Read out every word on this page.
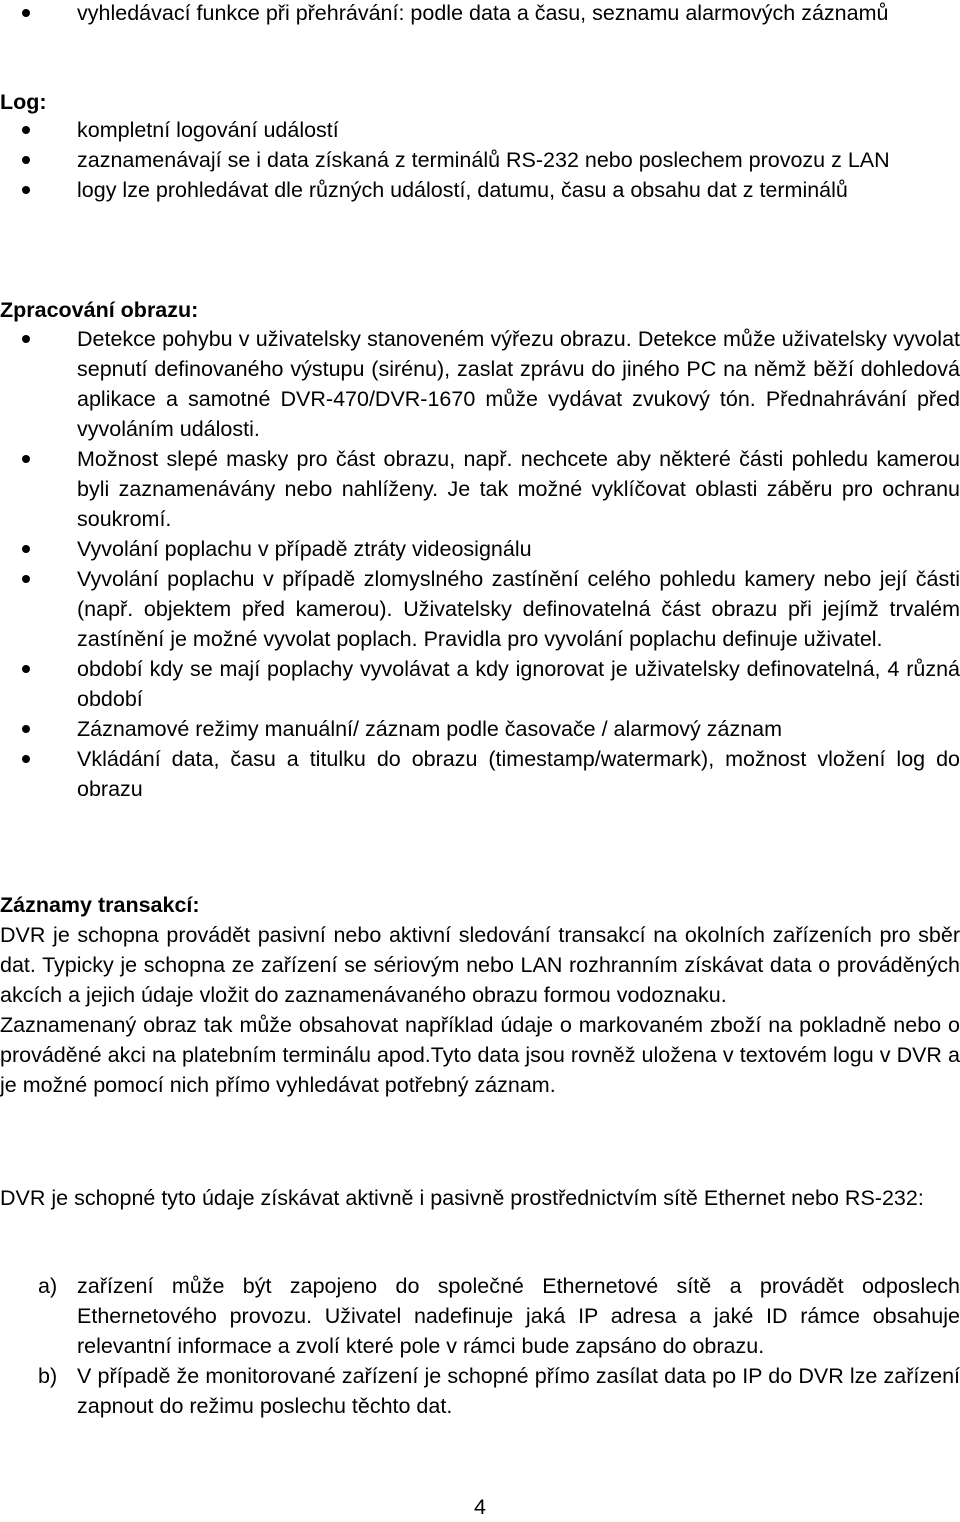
vyhledávací funkce při přehrávání: podle data a času, seznamu alarmových záznamů
Log:
kompletní logování událostí
zaznamenávají se i data získaná z terminálů RS-232 nebo poslechem provozu z LAN
logy lze prohledávat dle různých událostí, datumu, času a obsahu dat z terminálů
Zpracování obrazu:
Detekce pohybu v uživatelsky stanoveném výřezu obrazu. Detekce může uživatelsky vyvolat sepnutí definovaného výstupu (sirénu), zaslat zprávu do jiného PC na němž běží dohledová aplikace a samotné DVR-470/DVR-1670 může vydávat zvukový tón. Přednahrávání před vyvoláním události.
Možnost slepé masky pro část obrazu, např. nechcete aby některé části pohledu kamerou byli zaznamenávány nebo nahlíženy. Je tak možné vyklíčovat oblasti záběru pro ochranu soukromí.
Vyvolání poplachu v případě ztráty videosignálu
Vyvolání poplachu v případě zlomyslného zastínění celého pohledu kamery nebo její části (např. objektem před kamerou). Uživatelsky definovatelná část obrazu při jejímž trvalém zastínění je možné vyvolat poplach. Pravidla pro vyvolání poplachu definuje uživatel.
období kdy se mají poplachy vyvolávat a kdy ignorovat je uživatelsky definovatelná, 4 různá období
Záznamové režimy manuální/ záznam podle časovače / alarmový záznam
Vkládání data, času a titulku do obrazu (timestamp/watermark), možnost vložení log do obrazu
Záznamy transakcí:

DVR je schopna provádět pasivní nebo aktivní sledování transakcí na okolních zařízeních pro sběr dat. Typicky je schopna ze zařízení se sériovým nebo LAN rozhranním získávat data o prováděných akcích a jejich údaje vložit do zaznamenávaného obrazu formou vodoznaku.

Zaznamenaný obraz tak může obsahovat například údaje o markovaném zboží na pokladně nebo o prováděné akci na platebním terminálu apod.Tyto data jsou rovněž uložena v textovém logu v DVR a je možné pomocí nich přímo vyhledávat potřebný záznam.

DVR je schopné tyto údaje získávat aktivně i pasivně prostřednictvím sítě Ethernet nebo RS-232:

a) zařízení může být zapojeno do společné Ethernetové sítě a provádět odposlech Ethernetového provozu. Uživatel nadefinuje jaká IP adresa a jaké ID rámce obsahuje relevantní informace a zvolí které pole v rámci bude zapsáno do obrazu.
b) V případě že monitorované zařízení je schopné přímo zasílat data po IP do DVR lze zařízení zapnout do režimu poslechu těchto dat.
4
